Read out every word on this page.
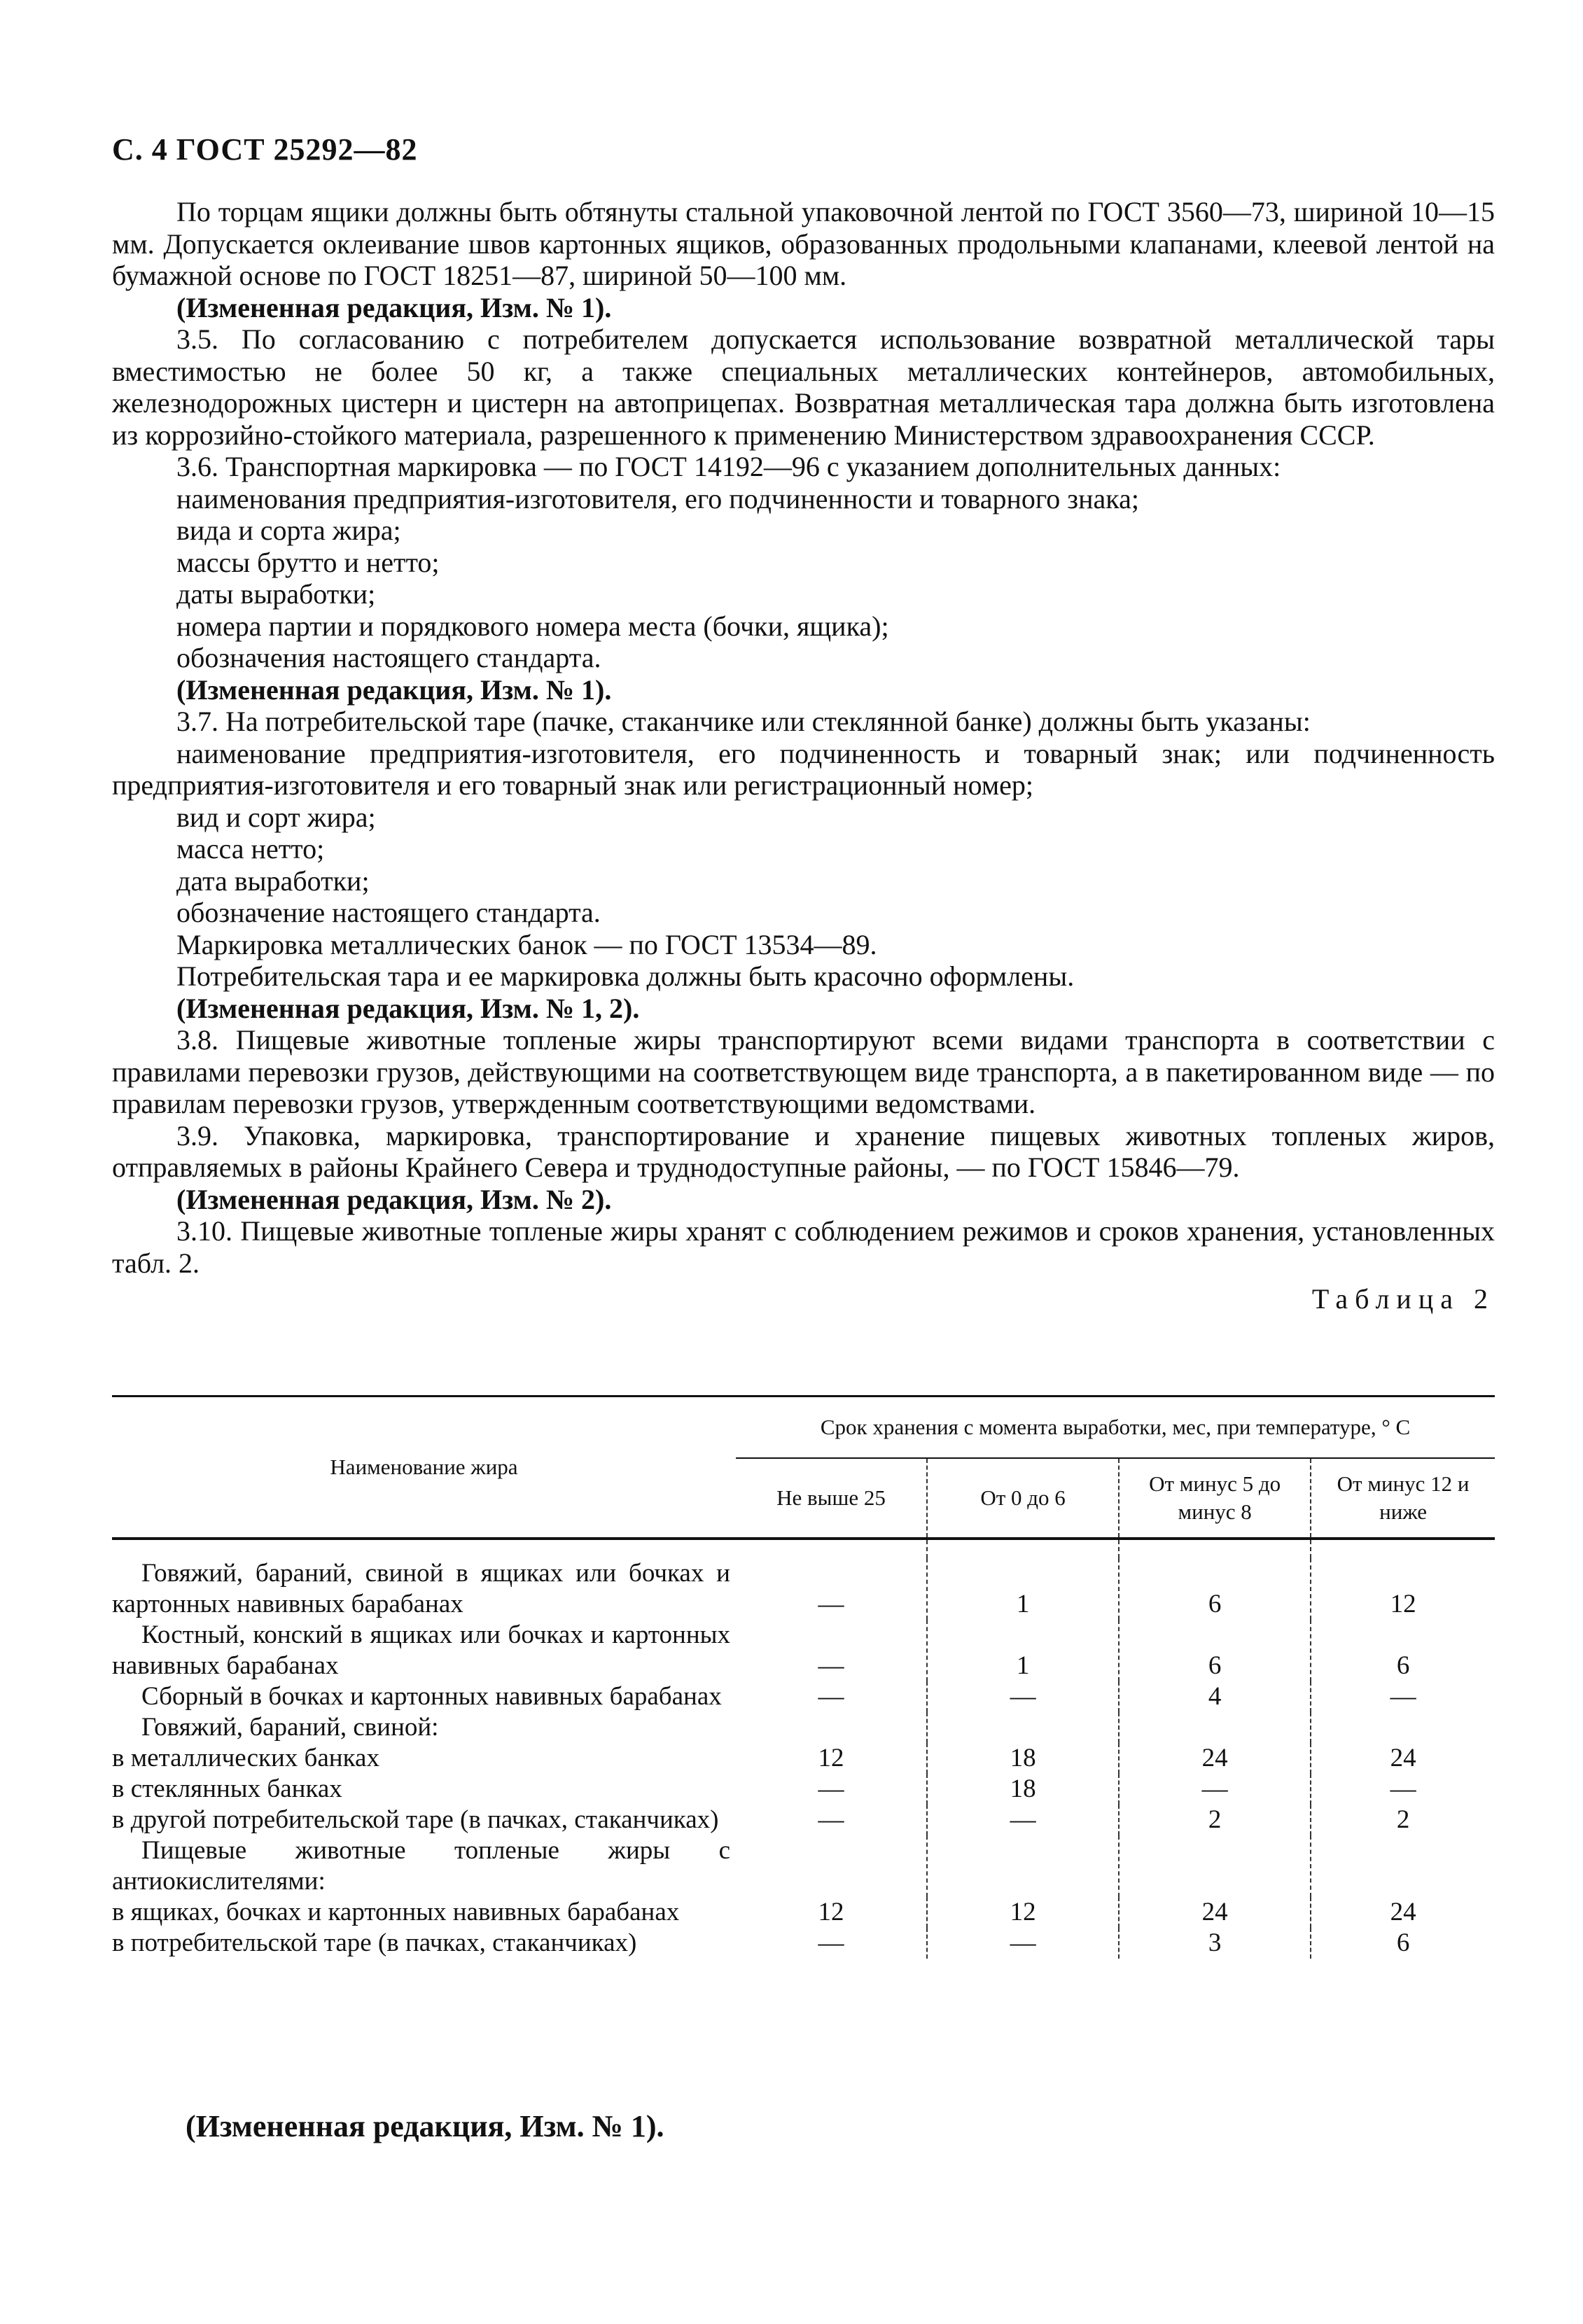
С. 4 ГОСТ 25292—82

По торцам ящики должны быть обтянуты стальной упаковочной лентой по ГОСТ 3560—73, шириной 10—15 мм. Допускается оклеивание швов картонных ящиков, образованных продольными клапанами, клеевой лентой на бумажной основе по ГОСТ 18251—87, шириной 50—100 мм.

(Измененная редакция, Изм. № 1).

3.5. По согласованию с потребителем допускается использование возвратной металлической тары вместимостью не более 50 кг, а также специальных металлических контейнеров, автомобильных, железнодорожных цистерн и цистерн на автоприцепах. Возвратная металлическая тара должна быть изготовлена из коррозийно-стойкого материала, разрешенного к применению Министерством здравоохранения СССР.

3.6. Транспортная маркировка — по ГОСТ 14192—96 с указанием дополнительных данных:

наименования предприятия-изготовителя, его подчиненности и товарного знака;

вида и сорта жира;

массы брутто и нетто;

даты выработки;

номера партии и порядкового номера места (бочки, ящика);

обозначения настоящего стандарта.

(Измененная редакция, Изм. № 1).

3.7. На потребительской таре (пачке, стаканчике или стеклянной банке) должны быть указаны:

наименование предприятия-изготовителя, его подчиненность и товарный знак; или подчиненность предприятия-изготовителя и его товарный знак или регистрационный номер;

вид и сорт жира;

масса нетто;

дата выработки;

обозначение настоящего стандарта.

Маркировка металлических банок — по ГОСТ 13534—89.

Потребительская тара и ее маркировка должны быть красочно оформлены.

(Измененная редакция, Изм. № 1, 2).

3.8. Пищевые животные топленые жиры транспортируют всеми видами транспорта в соответствии с правилами перевозки грузов, действующими на соответствующем виде транспорта, а в пакетированном виде — по правилам перевозки грузов, утвержденным соответствующими ведомствами.

3.9. Упаковка, маркировка, транспортирование и хранение пищевых животных топленых жиров, отправляемых в районы Крайнего Севера и труднодоступные районы, — по ГОСТ 15846—79.

(Измененная редакция, Изм. № 2).

3.10. Пищевые животные топленые жиры хранят с соблюдением режимов и сроков хранения, установленных табл. 2.

Таблица 2
Наименование жира	Срок хранения с момента выработки, мес, при температуре, ° С			
	Не выше 25	От 0 до 6	От минус 5 до минус 8	От минус 12 и ниже

Говяжий, бараний, свиной в ящиках или бочках и картонных навивных барабанах	—	1	6	12
Костный, конский в ящиках или бочках и картонных навивных барабанах	—	1	6	6
Сборный в бочках и картонных навивных барабанах	—	—	4	—
Говяжий, бараний, свиной:				
в металлических банках	12	18	24	24
в стеклянных банках	—	18	—	—
в другой потребительской таре (в пачках, стаканчиках)	—	—	2	2
Пищевые животные топленые жиры с антиокислителями:				
в ящиках, бочках и картонных навивных барабанах	12	12	24	24
в потребительской таре (в пачках, стаканчиках)	—	—	3	6
(Измененная редакция, Изм. № 1).
